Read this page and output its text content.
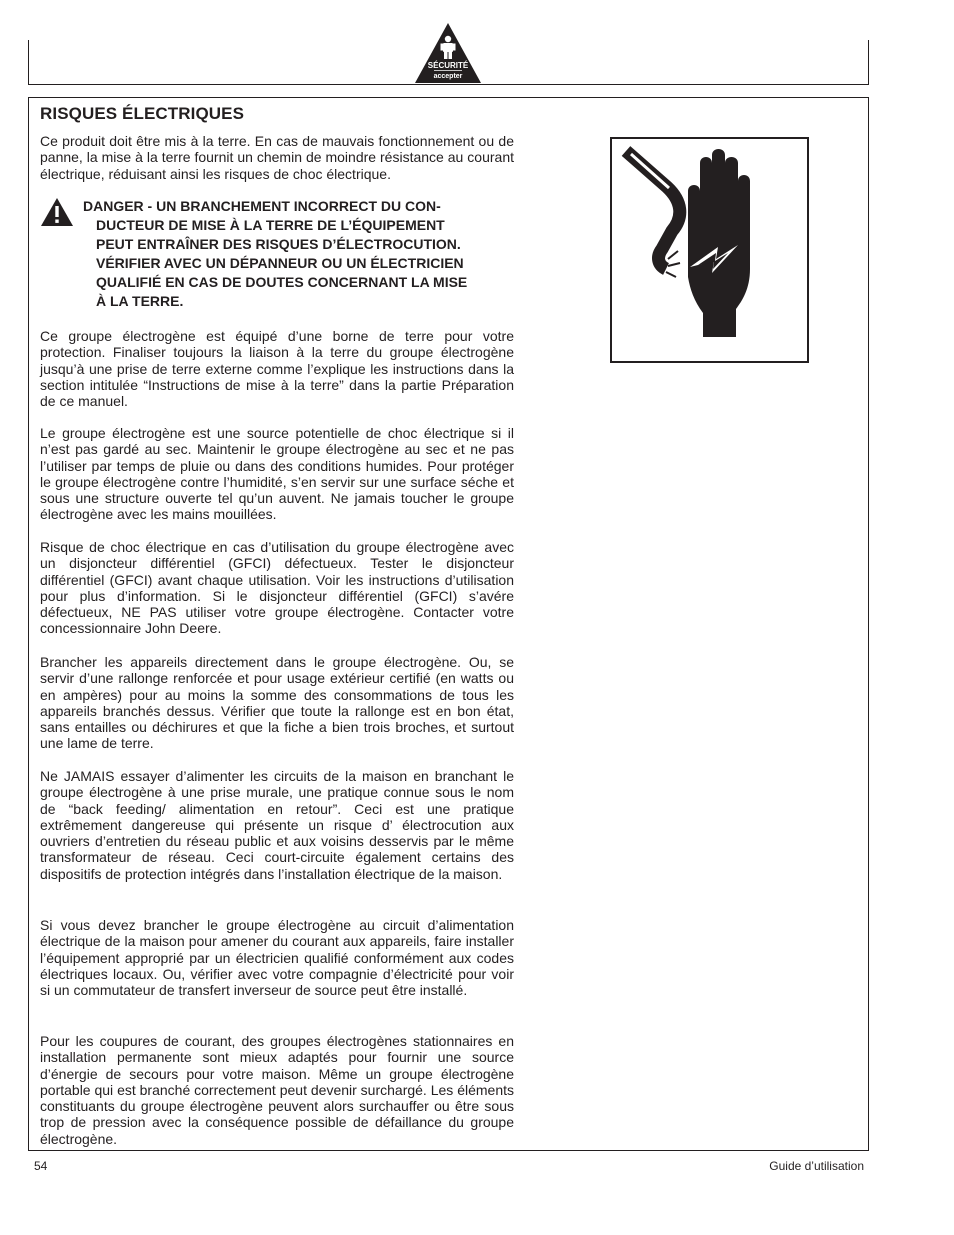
SÉCURITÉ
accepter
RISQUES ÉLECTRIQUES

Ce produit doit être mis à la terre. En cas de mauvais fonctionnement ou de panne, la mise à la terre fournit un chemin de moindre résistance au courant électrique, réduisant ainsi les risques de choc électrique.

DANGER - UN BRANCHEMENT INCORRECT DU CON-
DUCTEUR DE MISE À LA TERRE DE L’ÉQUIPEMENT
PEUT ENTRAÎNER DES RISQUES D’ÉLECTROCUTION.
VÉRIFIER AVEC UN DÉPANNEUR OU UN ÉLECTRICIEN
QUALIFIÉ EN CAS DE DOUTES CONCERNANT LA MISE
À LA TERRE.

Ce groupe électrogène est équipé d’une borne de terre pour votre protection. Finaliser toujours la liaison à la terre du groupe électrogène jusqu’à une prise de terre externe comme l’explique les instructions dans la section intitulée “Instructions de mise à la terre” dans la partie Préparation de ce manuel.

Le groupe électrogène est une source potentielle de choc électrique si il n’est pas gardé au sec. Maintenir le groupe électrogène au sec et ne pas l’utiliser par temps de pluie ou dans des conditions humides. Pour protéger le groupe électrogène contre l’humidité, s’en servir sur une surface séche et sous une structure ouverte tel qu’un auvent. Ne jamais toucher le groupe électrogène avec les mains mouillées.

Risque de choc électrique en cas d’utilisation du groupe électrogène avec un disjoncteur différentiel (GFCI) défectueux. Tester le disjoncteur différentiel (GFCI) avant chaque utilisation. Voir les instructions d’utilisation pour plus d’information. Si le disjoncteur différentiel (GFCI) s’avére défectueux, NE PAS utiliser votre groupe électrogène. Contacter votre concessionnaire John Deere.

Brancher les appareils directement dans le groupe électrogène. Ou, se servir d’une rallonge renforcée et pour usage extérieur certifié (en watts ou en ampères) pour au moins la somme des consommations de tous les appareils branchés dessus. Vérifier que toute la rallonge est en bon état, sans entailles ou déchirures et que la fiche a bien trois broches, et surtout une lame de terre.

Ne JAMAIS essayer d’alimenter les circuits de la maison en branchant le groupe électrogène à une prise murale, une pratique connue sous le nom de “back feeding/ alimentation en retour”. Ceci est une pratique extrêmement dangereuse qui présente un risque d’ électrocution aux ouvriers d’entretien du réseau public et aux voisins desservis par le même transformateur de réseau. Ceci court-circuite également certains des dispositifs de protection intégrés dans l’installation électrique de la maison.

Si vous devez brancher le groupe électrogène au circuit d’alimentation électrique de la maison pour amener du courant aux appareils, faire installer l’équipement approprié par un électricien qualifié conformément aux codes électriques locaux. Ou, vérifier avec votre compagnie d’électricité pour voir si un commutateur de transfert inverseur de source peut être installé.

Pour les coupures de courant, des groupes électrogènes stationnaires en installation permanente sont mieux adaptés pour fournir une source d’énergie de secours pour votre maison. Même un groupe électrogène portable qui est branché correctement peut devenir surchargé. Les éléments constituants du groupe électrogène peuvent alors surchauffer ou être sous trop de pression avec la conséquence possible de défaillance du groupe électrogène.

54	Guide d’utilisation
